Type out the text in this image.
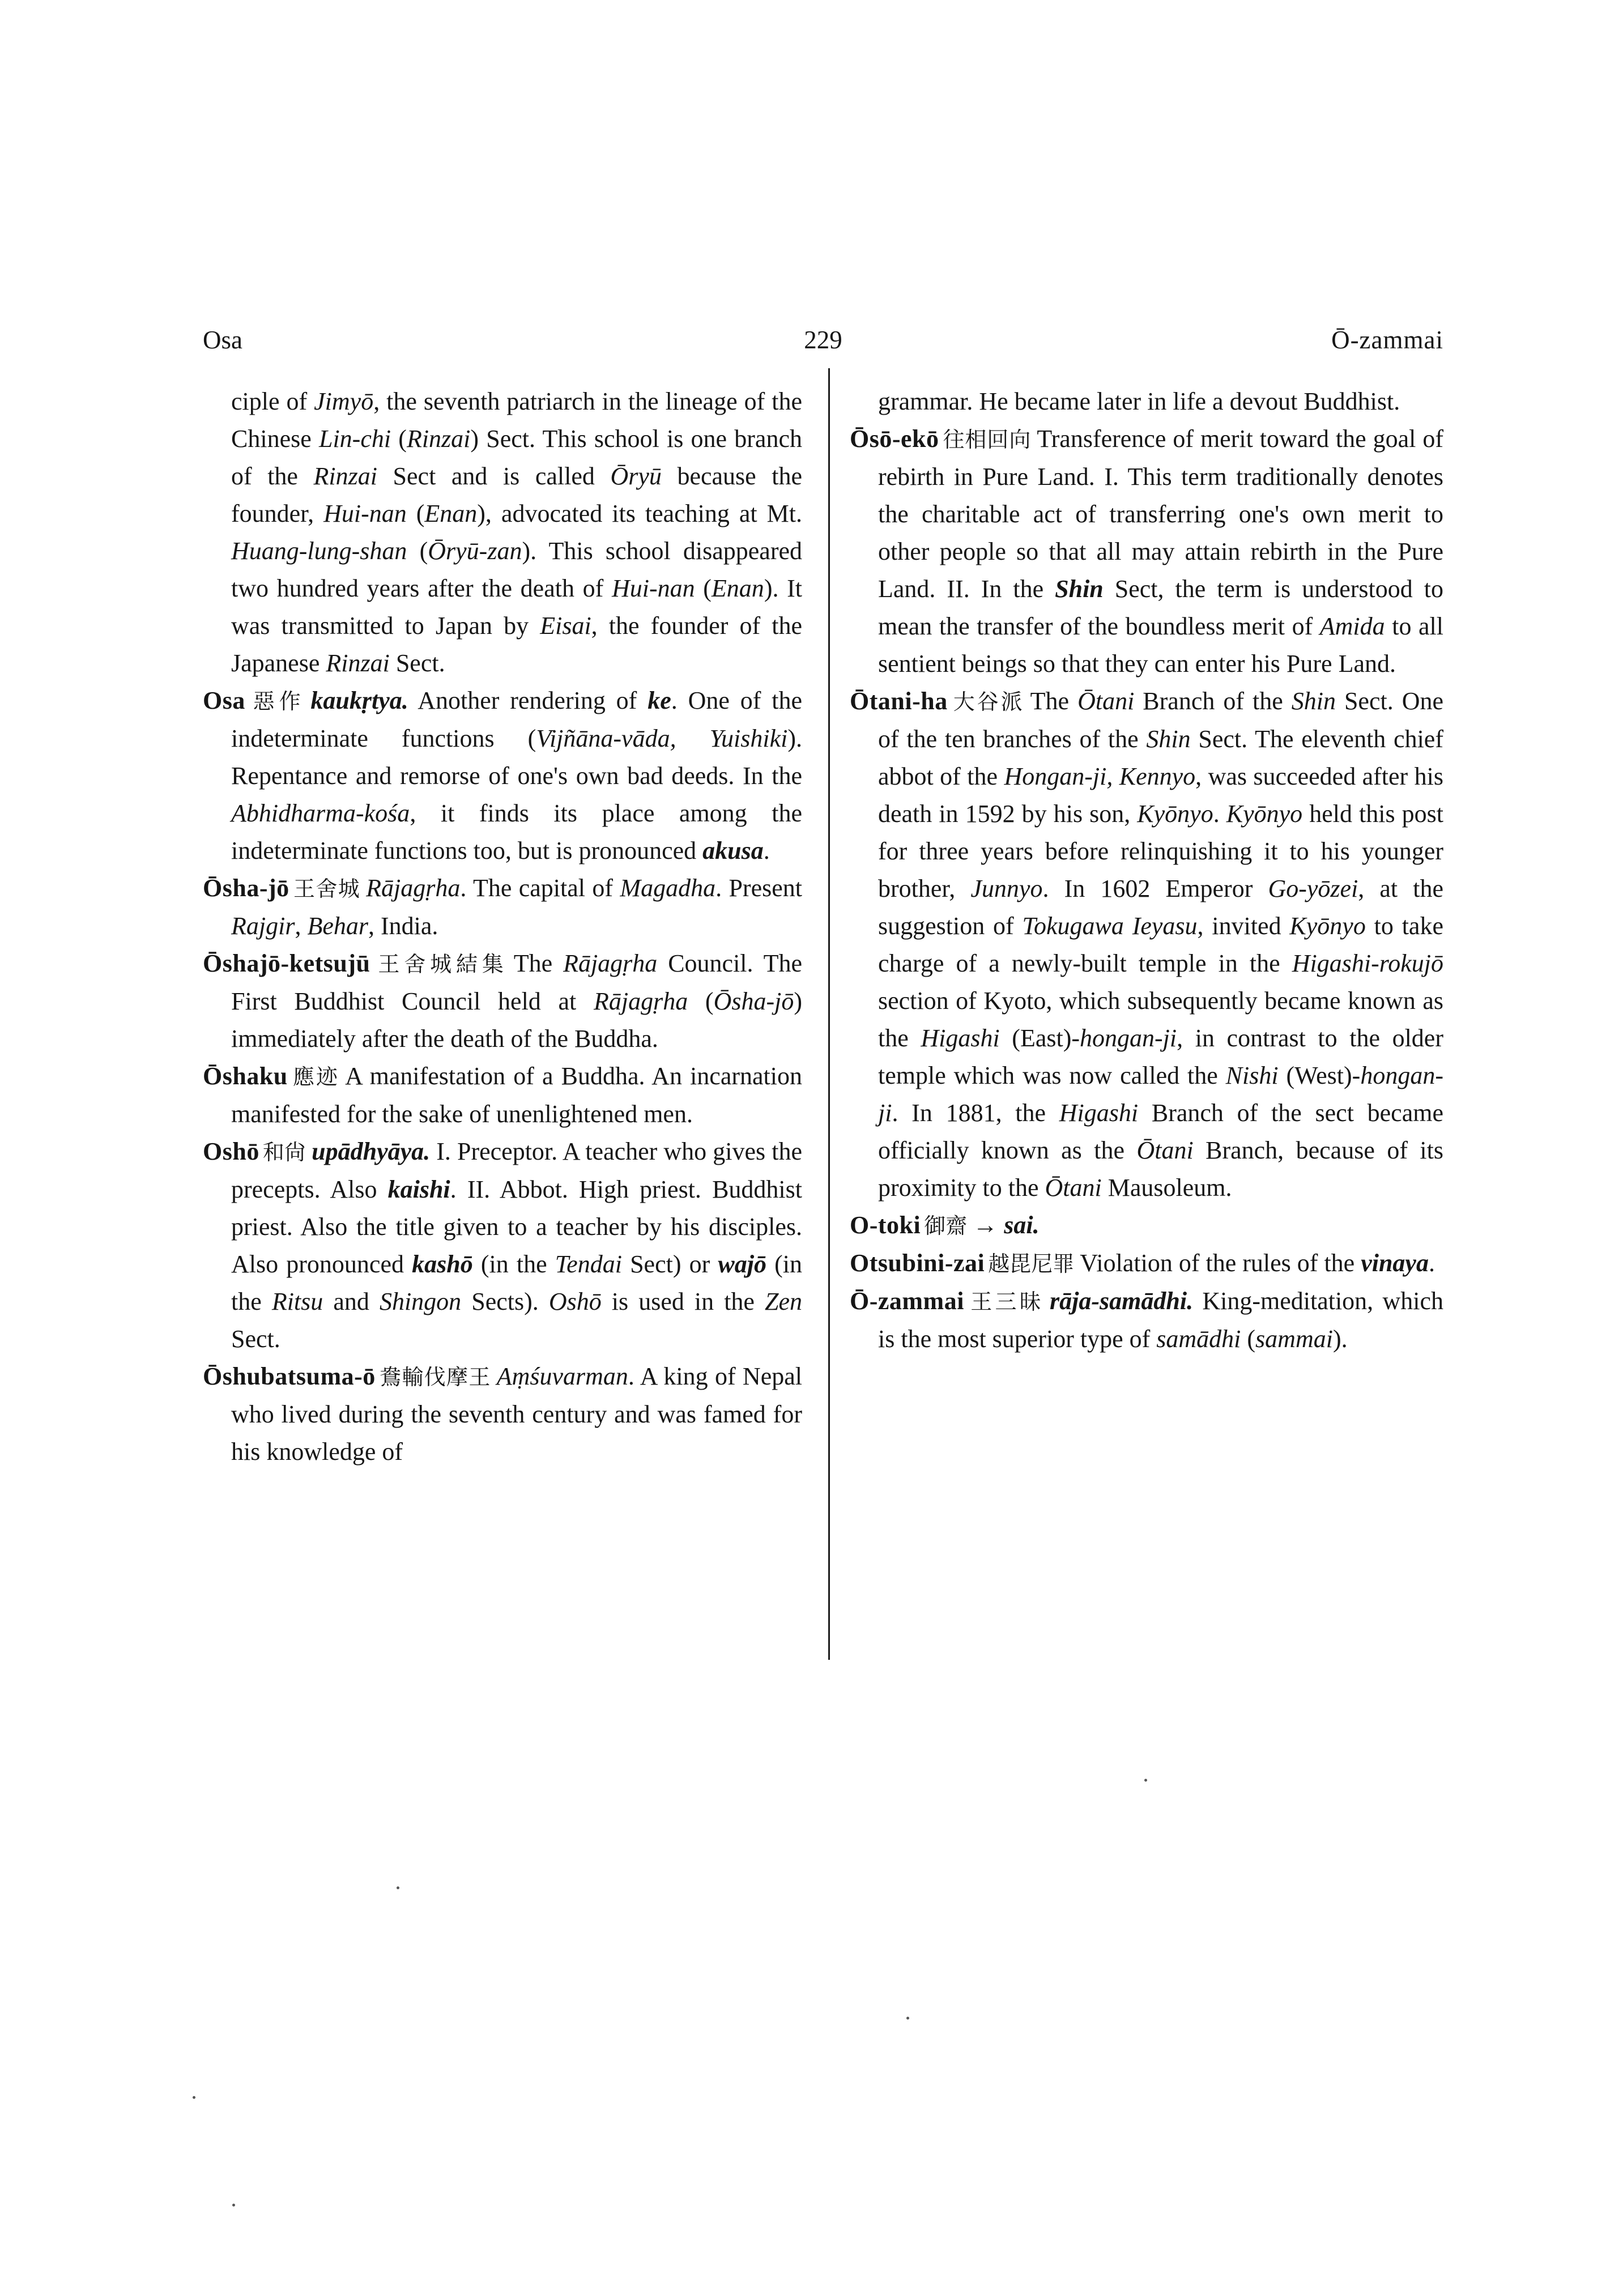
Osa	229	Ō-zammai
ciple of Jimyō, the seventh patriarch in the lineage of the Chinese Lin-chi (Rinzai) Sect. This school is one branch of the Rinzai Sect and is called Ōryū because the founder, Hui-nan (Enan), advocated its teaching at Mt. Huang-lung-shan (Ōryū-zan). This school disappeared two hundred years after the death of Hui-nan (Enan). It was transmitted to Japan by Eisai, the founder of the Japanese Rinzai Sect.
Osa 惡作 kaukṛtya. Another rendering of ke. One of the indeterminate functions (Vijñāna-vāda, Yuishiki). Repentance and remorse of one's own bad deeds. In the Abhidharma-kośa, it finds its place among the indeterminate functions too, but is pronounced akusa.
Ōsha-jō 王舍城 Rājagṛha. The capital of Magadha. Present Rajgir, Behar, India.
Ōshajō-ketsujū 王舍城結集 The Rājagṛha Council. The First Buddhist Council held at Rājagṛha (Ōsha-jō) immediately after the death of the Buddha.
Ōshaku 應迹 A manifestation of a Buddha. An incarnation manifested for the sake of unenlightened men.
Oshō 和尙 upādhyāya. I. Preceptor. A teacher who gives the precepts. Also kaishi. II. Abbot. High priest. Buddhist priest. Also the title given to a teacher by his disciples. Also pronounced kashō (in the Tendai Sect) or wajō (in the Ritsu and Shingon Sects). Oshō is used in the Zen Sect.
Ōshubatsuma-ō 鴦輸伐摩王 Aṃśuvarman. A king of Nepal who lived during the seventh century and was famed for his knowledge of
grammar. He became later in life a devout Buddhist.
Ōsō-ekō 往相回向 Transference of merit toward the goal of rebirth in Pure Land. I. This term traditionally denotes the charitable act of transferring one's own merit to other people so that all may attain rebirth in the Pure Land. II. In the Shin Sect, the term is understood to mean the transfer of the boundless merit of Amida to all sentient beings so that they can enter his Pure Land.
Ōtani-ha 大谷派 The Ōtani Branch of the Shin Sect. One of the ten branches of the Shin Sect. The eleventh chief abbot of the Hongan-ji, Kennyo, was succeeded after his death in 1592 by his son, Kyōnyo. Kyōnyo held this post for three years before relinquishing it to his younger brother, Junnyo. In 1602 Emperor Go-yōzei, at the suggestion of Tokugawa Ieyasu, invited Kyōnyo to take charge of a newly-built temple in the Higashi-rokujō section of Kyoto, which subsequently became known as the Higashi (East)-hongan-ji, in contrast to the older temple which was now called the Nishi (West)-hongan-ji. In 1881, the Higashi Branch of the sect became officially known as the Ōtani Branch, because of its proximity to the Ōtani Mausoleum.
O-toki 御齋 → sai.
Otsubini-zai 越毘尼罪 Violation of the rules of the vinaya.
Ō-zammai 王三昧 rāja-samādhi. King-meditation, which is the most superior type of samādhi (sammai).
